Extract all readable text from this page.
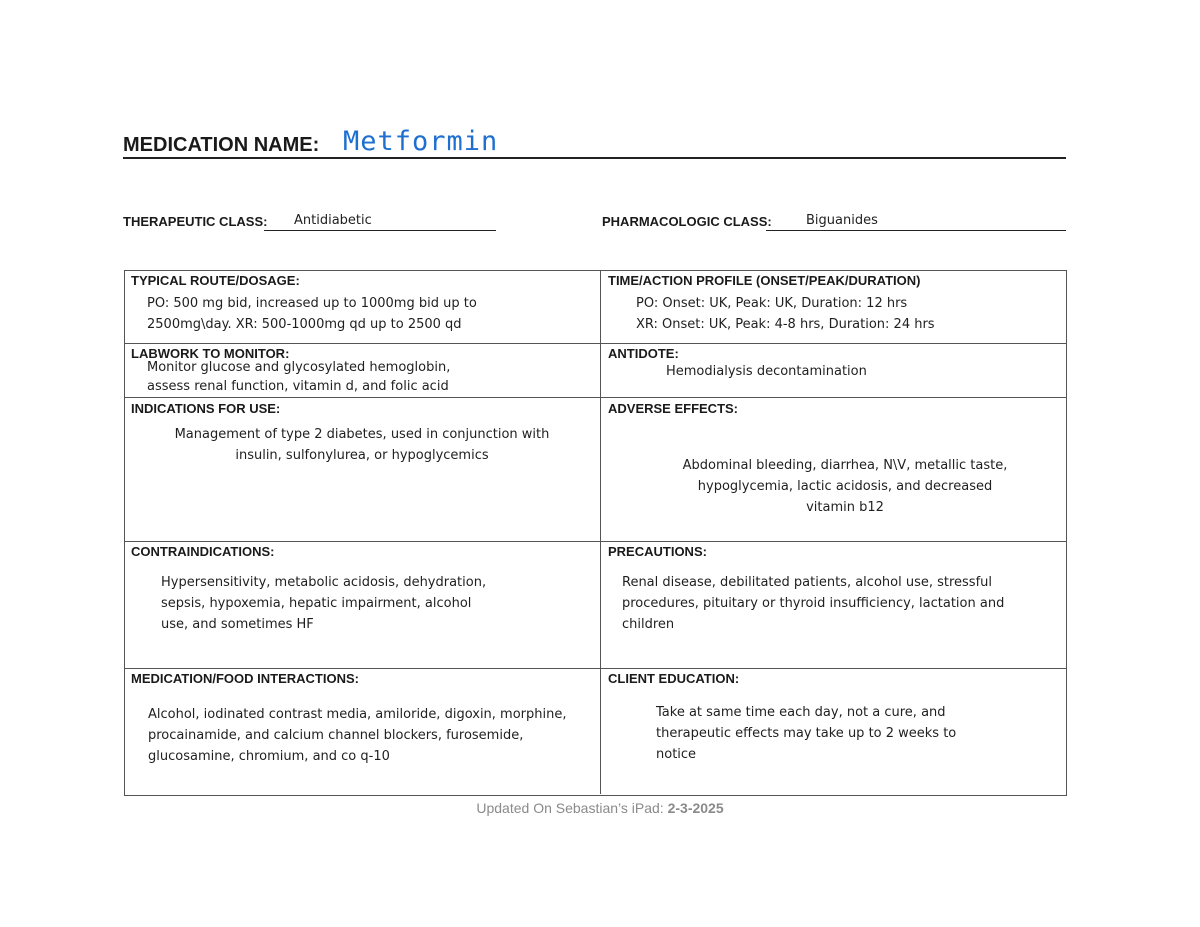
MEDICATION NAME: Metformin
THERAPEUTIC CLASS: Antidiabetic	PHARMACOLOGIC CLASS:	Biguanides
TYPICAL ROUTE/DOSAGE:
PO: 500 mg bid, increased up to 1000mg bid up to
2500mg\day. XR: 500-1000mg qd up to 2500 qd
TIME/ACTION PROFILE (ONSET/PEAK/DURATION)
PO: Onset: UK, Peak: UK, Duration: 12 hrs
XR: Onset: UK, Peak: 4-8 hrs, Duration: 24 hrs
LABWORK TO MONITOR:
Monitor glucose and glycosylated hemoglobin,
assess renal function, vitamin d, and folic acid
ANTIDOTE:
Hemodialysis decontamination
INDICATIONS FOR USE:
Management of type 2 diabetes, used in conjunction with
insulin, sulfonylurea, or hypoglycemics
ADVERSE EFFECTS:
Abdominal bleeding, diarrhea, N\V, metallic taste,
hypoglycemia, lactic acidosis, and decreased
vitamin b12
CONTRAINDICATIONS:
Hypersensitivity, metabolic acidosis, dehydration,
sepsis, hypoxemia, hepatic impairment, alcohol
use, and sometimes HF
PRECAUTIONS:
Renal disease, debilitated patients, alcohol use, stressful
procedures, pituitary or thyroid insufficiency, lactation and
children
MEDICATION/FOOD INTERACTIONS:
Alcohol, iodinated contrast media, amiloride, digoxin, morphine,
procainamide, and calcium channel blockers, furosemide,
glucosamine, chromium, and co q-10
CLIENT EDUCATION:
Take at same time each day, not a cure, and
therapeutic effects may take up to 2 weeks to
notice
Updated On Sebastian’s iPad: 2-3-2025
